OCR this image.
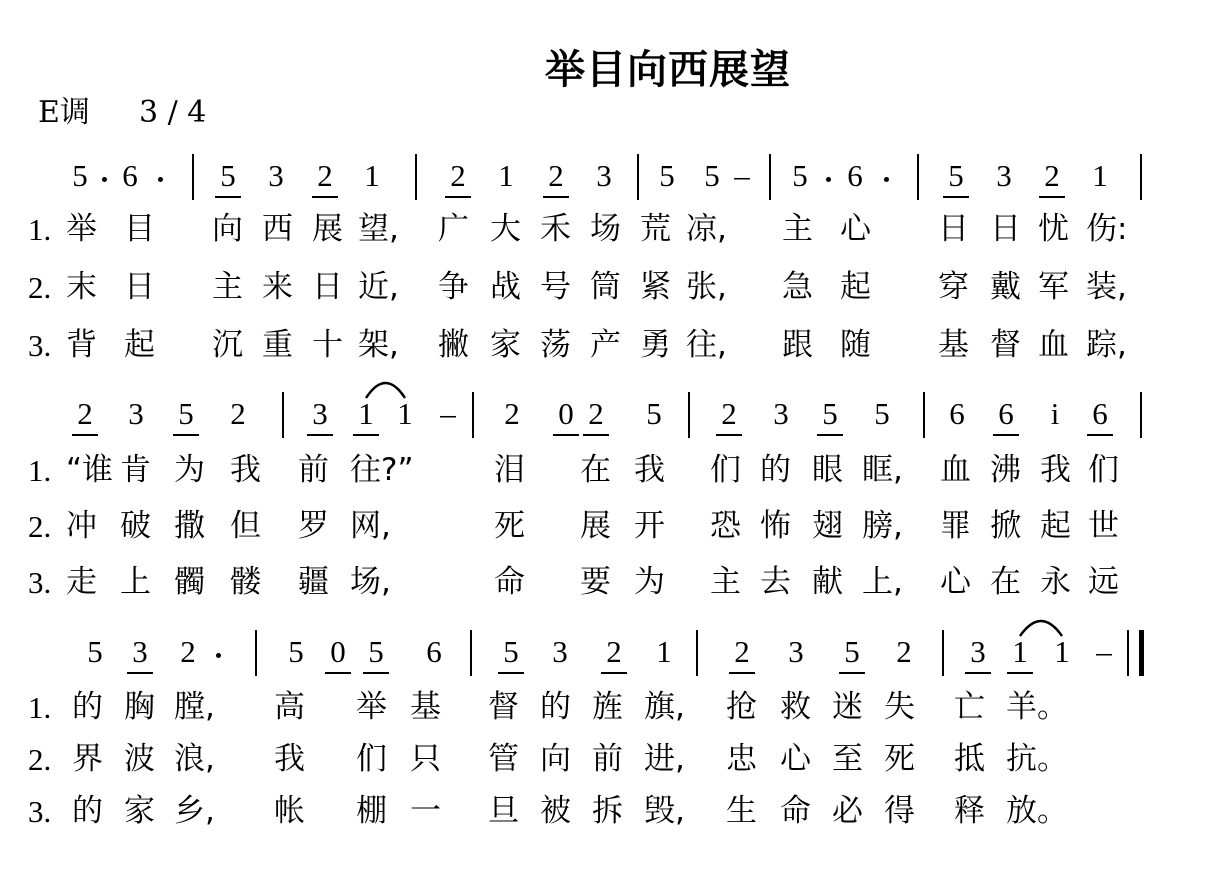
举目向西展望
E调 3 / 4
5	6	5	3	2	1	2	1	2	3	5 5 –	5	6	5	3	2	1
1. 举 目 向 西 展 望, 广 大 禾 场 荒 凉, 主 心 日 日 忧 伤:
2. 末 日 主 来 日 近, 争 战 号 筒 紧 张, 急 起 穿 戴 军 装,
3. 背 起 沉 重 十 架, 撇 家 荡 产 勇 往, 跟 随 基 督 血 踪,
2	3	5	2	3 1 1 –	2	0 2	5	2	3	5	5	6	6	i	6
1. “谁 肯 为 我 前 往?”	泪 在 我 们 的 眼 眶, 血 沸 我 们
2. 冲 破 撒 但 罗 网,	死 展 开 恐 怖 翅 膀, 罪 掀 起 世
3. 走 上 髑 髅 疆 场,	命 要 为 主 去 献 上, 心 在 永 远
5 3	2	5 0 5	6	5	3	2	1	2	3	5	2	3 1 1 –
1. 的 胸 膛, 高 举 基 督 的 旌 旗, 抢 救 迷 失 亡 羊。
2. 界 波 浪, 我 们 只 管 向 前 进, 忠 心 至 死 抵 抗。
3. 的 家 乡, 帐 棚 一 旦 被 拆 毁, 生 命 必 得 释 放。
